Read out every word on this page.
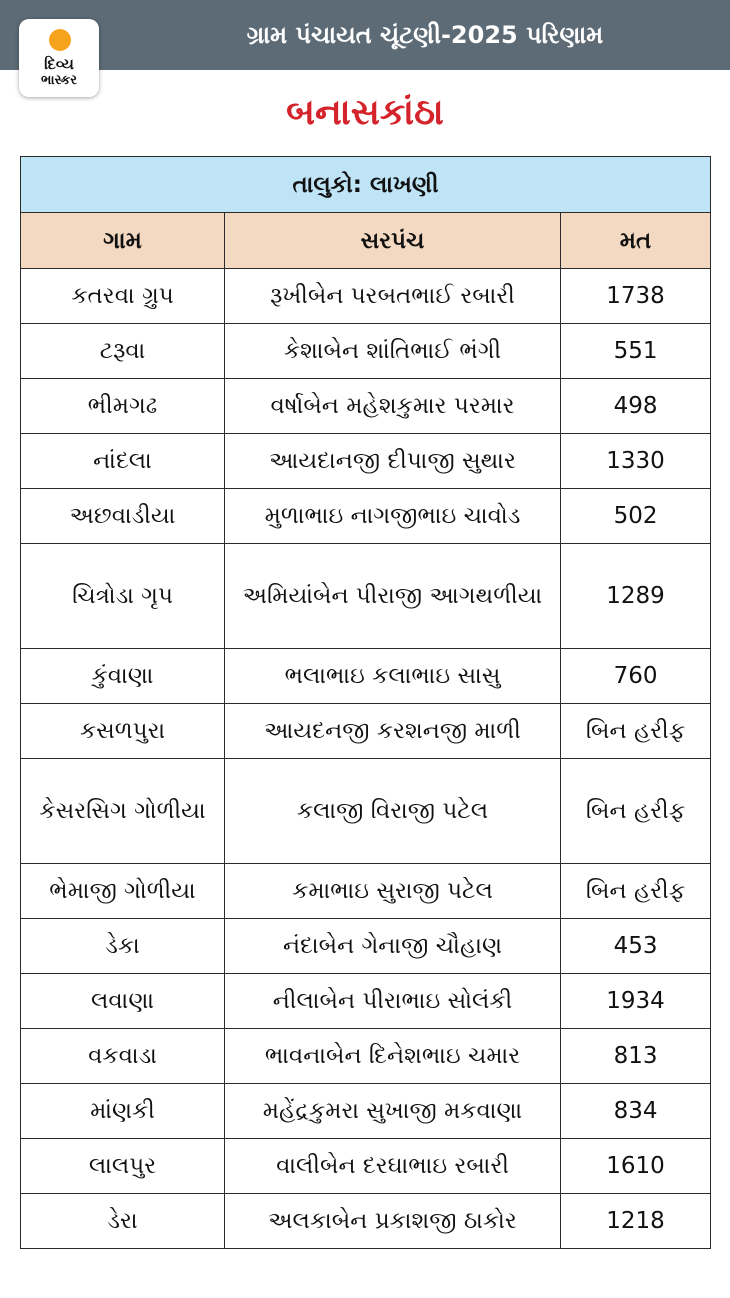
ગ્રામ પંચાયત ચૂંટણી-2025 પરિણામ
દિવ્ય
ભાસ્કર
બનાસકાંઠા
તાલુકો: લાખણી		
ગામ	સરપંચ	મત
કતરવા ગ્રુપ	રૂખીબેન પરબતભાઈ રબારી	1738
ટરૂવા	કેશાબેન શાંતિભાઈ ભંગી	551
ભીમગઢ	વર્ષાબેન મહેશકુમાર પરમાર	498
નાંદલા	આયદાનજી દીપાજી સુથાર	1330
અછવાડીયા	મુળાભાઇ નાગજીભાઇ ચાવોડ	502
ચિત્રોડા ગૃપ	અમિયાંબેન પીરાજી આગથળીયા	1289
કુંવાણા	ભલાભાઇ કલાભાઇ સાસુ	760
કસળપુરા	આયદનજી કરશનજી માળી	બિન હરીફ
કેસરસિગ ગોળીયા	કલાજી વિરાજી પટેલ	બિન હરીફ
ભેમાજી ગોળીયા	કમાભાઇ સુરાજી પટેલ	બિન હરીફ
ડેકા	નંદાબેન ગેનાજી ચૌહાણ	453
લવાણા	નીલાબેન પીરાભાઇ સોલંકી	1934
વકવાડા	ભાવનાબેન દિનેશભાઇ ચમાર	813
માંણકી	મહેંદ્રકુમરા સુખાજી મકવાણા	834
લાલપુર	વાલીબેન દરઘાભાઇ રબારી	1610
ડેરા	અલકાબેન પ્રકાશજી ઠાકોર	1218
